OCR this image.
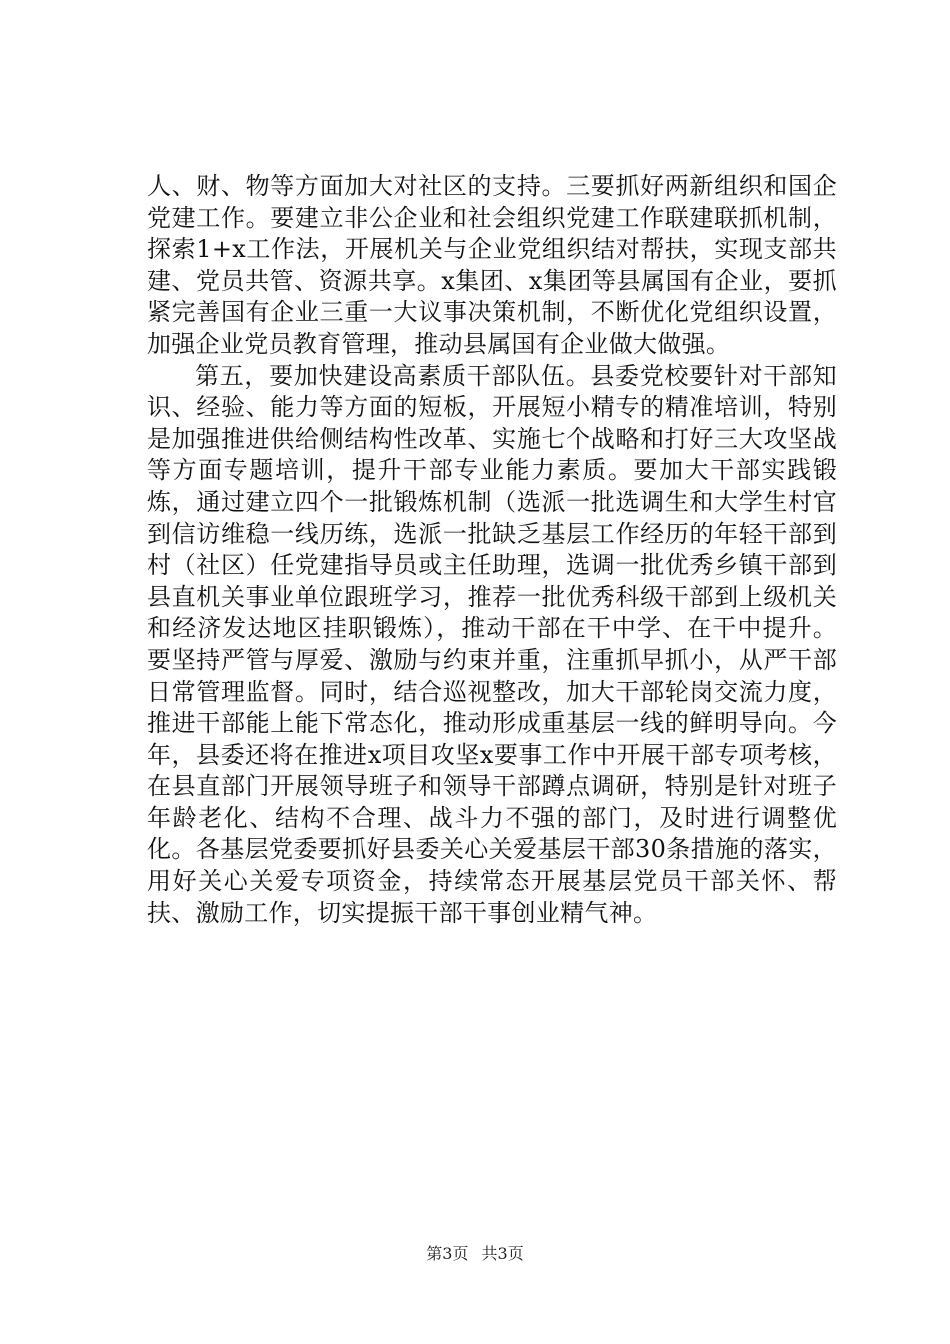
人、财、物等方面加大对社区的支持。三要抓好两新组织和国企党建工作。要建立非公企业和社会组织党建工作联建联抓机制，探索1+x工作法，开展机关与企业党组织结对帮扶，实现支部共建、党员共管、资源共享。x集团、x集团等县属国有企业，要抓紧完善国有企业三重一大议事决策机制，不断优化党组织设置，加强企业党员教育管理，推动县属国有企业做大做强。

第五，要加快建设高素质干部队伍。县委党校要针对干部知识、经验、能力等方面的短板，开展短小精专的精准培训，特别是加强推进供给侧结构性改革、实施七个战略和打好三大攻坚战等方面专题培训，提升干部专业能力素质。要加大干部实践锻炼，通过建立四个一批锻炼机制（选派一批选调生和大学生村官到信访维稳一线历练，选派一批缺乏基层工作经历的年轻干部到村（社区）任党建指导员或主任助理，选调一批优秀乡镇干部到县直机关事业单位跟班学习，推荐一批优秀科级干部到上级机关和经济发达地区挂职锻炼），推动干部在干中学、在干中提升。要坚持严管与厚爱、激励与约束并重，注重抓早抓小，从严干部日常管理监督。同时，结合巡视整改，加大干部轮岗交流力度，推进干部能上能下常态化，推动形成重基层一线的鲜明导向。今年，县委还将在推进x项目攻坚x要事工作中开展干部专项考核，在县直部门开展领导班子和领导干部蹲点调研，特别是针对班子年龄老化、结构不合理、战斗力不强的部门，及时进行调整优化。各基层党委要抓好县委关心关爱基层干部30条措施的落实，用好关心关爱专项资金，持续常态开展基层党员干部关怀、帮扶、激励工作，切实提振干部干事创业精气神。

第3页 共3页
